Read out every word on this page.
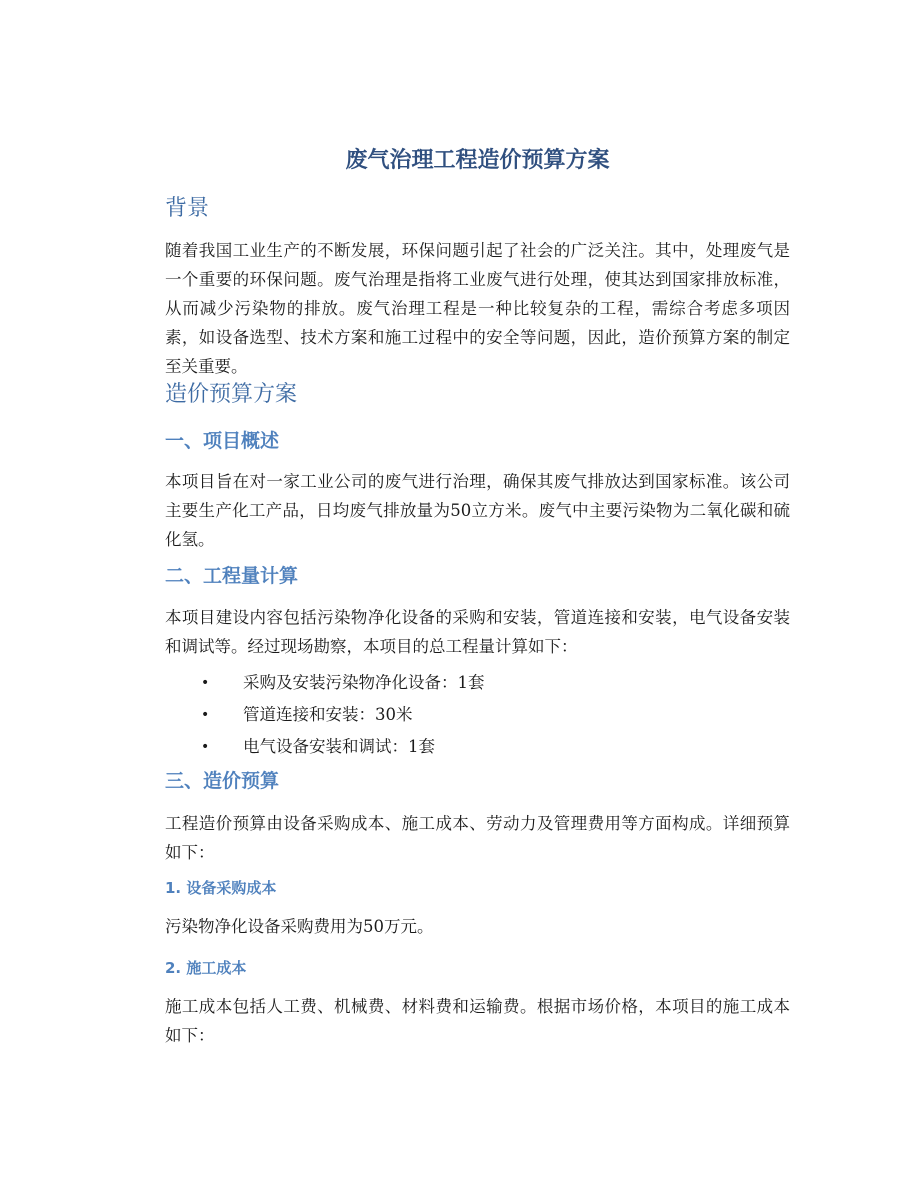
废气治理工程造价预算方案
背景

随着我国工业生产的不断发展，环保问题引起了社会的广泛关注。其中，处理废气是一个重要的环保问题。废气治理是指将工业废气进行处理，使其达到国家排放标准，从而减少污染物的排放。废气治理工程是一种比较复杂的工程，需综合考虑多项因素，如设备选型、技术方案和施工过程中的安全等问题，因此，造价预算方案的制定至关重要。

造价预算方案
一、项目概述

本项目旨在对一家工业公司的废气进行治理，确保其废气排放达到国家标准。该公司主要生产化工产品，日均废气排放量为50立方米。废气中主要污染物为二氧化碳和硫化氢。

二、工程量计算

本项目建设内容包括污染物净化设备的采购和安装，管道连接和安装，电气设备安装和调试等。经过现场勘察，本项目的总工程量计算如下：

• 采购及安装污染物净化设备：1套
• 管道连接和安装：30米
• 电气设备安装和调试：1套
三、造价预算

工程造价预算由设备采购成本、施工成本、劳动力及管理费用等方面构成。详细预算如下：

1. 设备采购成本

污染物净化设备采购费用为50万元。

2. 施工成本

施工成本包括人工费、机械费、材料费和运输费。根据市场价格，本项目的施工成本如下：
